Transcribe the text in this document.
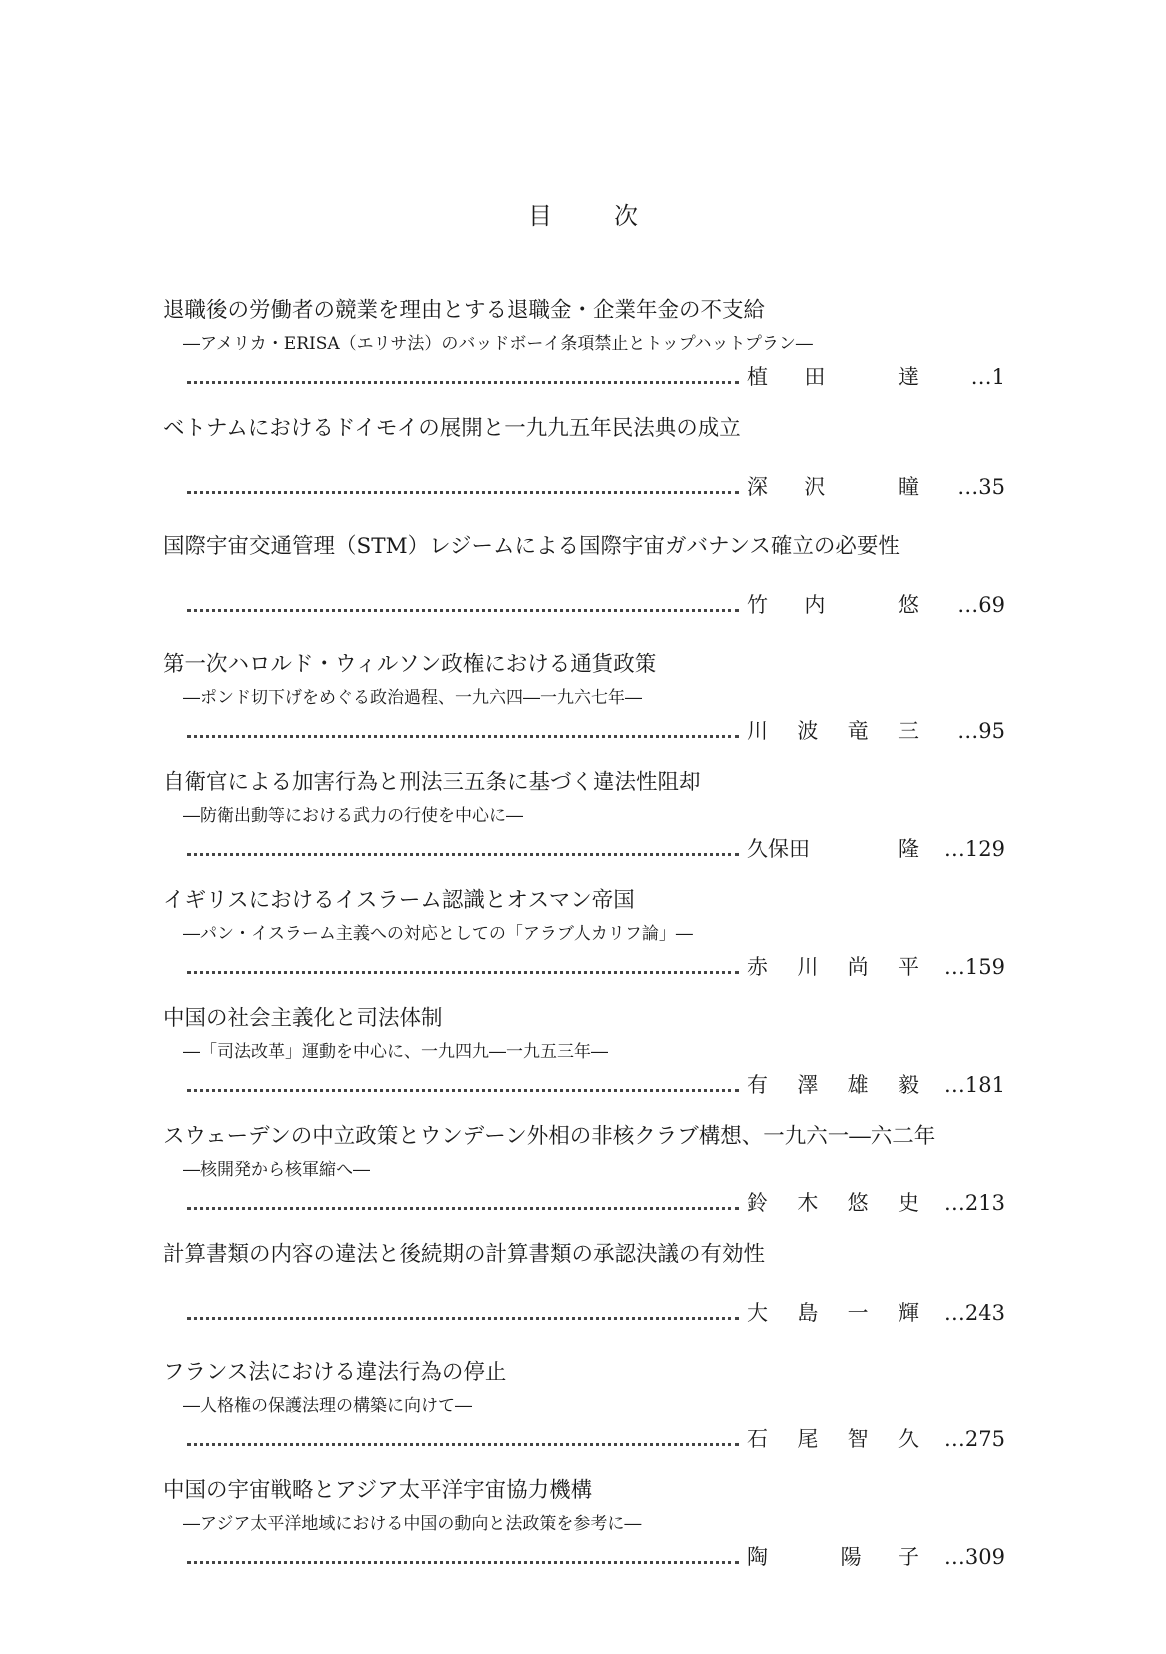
目次
退職後の労働者の競業を理由とする退職金・企業年金の不支給
―アメリカ・ERISA（エリサ法）のバッドボーイ条項禁止とトップハットプラン―
植 田	達	… 1
ベトナムにおけるドイモイの展開と一九九五年民法典の成立
深 沢	瞳	… 35
国際宇宙交通管理（STM）レジームによる国際宇宙ガバナンス確立の必要性
竹 内	悠	… 69
第一次ハロルド・ウィルソン政権における通貨政策
―ポンド切下げをめぐる政治過程、一九六四―一九六七年―
川 波 竜 三	… 95
自衛官による加害行為と刑法三五条に基づく違法性阻却
―防衛出動等における武力の行使を中心に―
久保田	隆	… 129
イギリスにおけるイスラーム認識とオスマン帝国
―パン・イスラーム主義への対応としての「アラブ人カリフ論」―
赤 川 尚 平	… 159
中国の社会主義化と司法体制
―「司法改革」運動を中心に、一九四九―一九五三年―
有 澤 雄 毅	… 181
スウェーデンの中立政策とウンデーン外相の非核クラブ構想、一九六一―六二年
―核開発から核軍縮へ―
鈴 木 悠 史	… 213
計算書類の内容の違法と後続期の計算書類の承認決議の有効性
大 島 一 輝	… 243
フランス法における違法行為の停止
―人格権の保護法理の構築に向けて―
石 尾 智 久	… 275
中国の宇宙戦略とアジア太平洋宇宙協力機構
―アジア太平洋地域における中国の動向と法政策を参考に―
陶	陽 子	… 309
